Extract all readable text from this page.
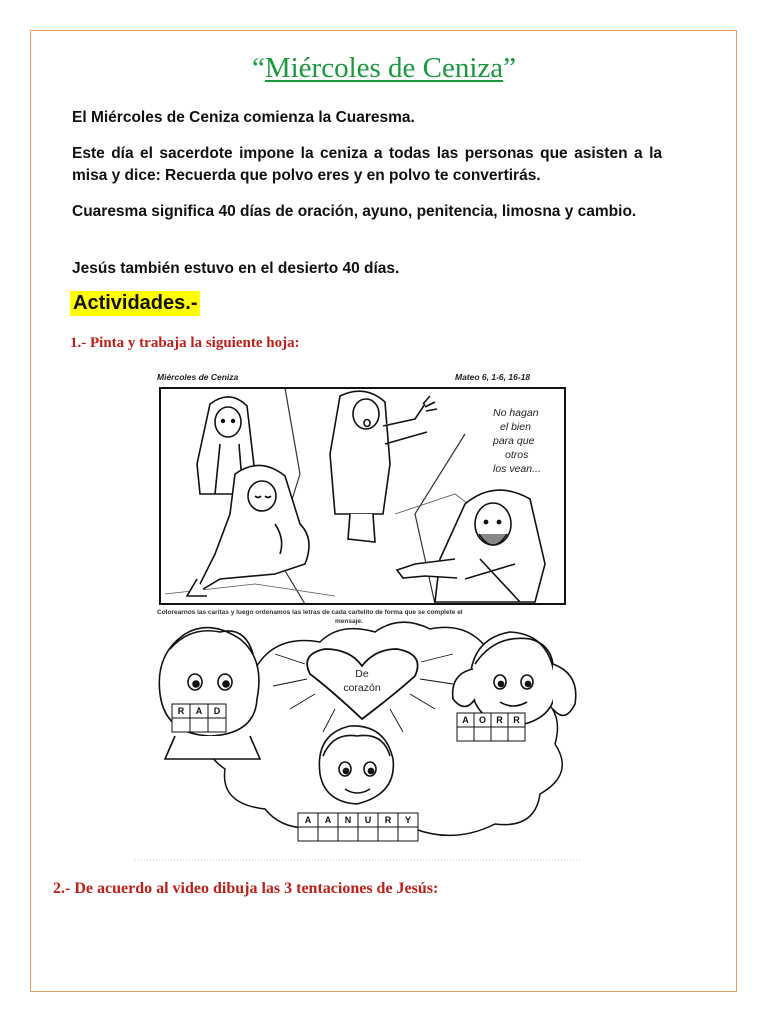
“Miércoles de Ceniza”
El Miércoles de Ceniza comienza la Cuaresma.
Este día el sacerdote impone la ceniza a todas las personas que asisten a la misa y dice: Recuerda que polvo eres y en polvo te convertirás.
Cuaresma significa 40 días de oración, ayuno, penitencia, limosna y cambio.
Jesús también estuvo en el desierto 40 días.
Actividades.-
1.- Pinta y trabaja la siguiente hoja:
Miércoles de Ceniza	Mateo 6, 1-6, 16-18
No hagan
el bien
para que
otros
los vean...
Colorearnos las caritas y luego ordenamos las letras de cada cartelito de forma que se complete el
mensaje.
De
corazón
R A D
A O R R
A A N U R Y
2.- De acuerdo al video dibuja las 3 tentaciones de Jesús:
